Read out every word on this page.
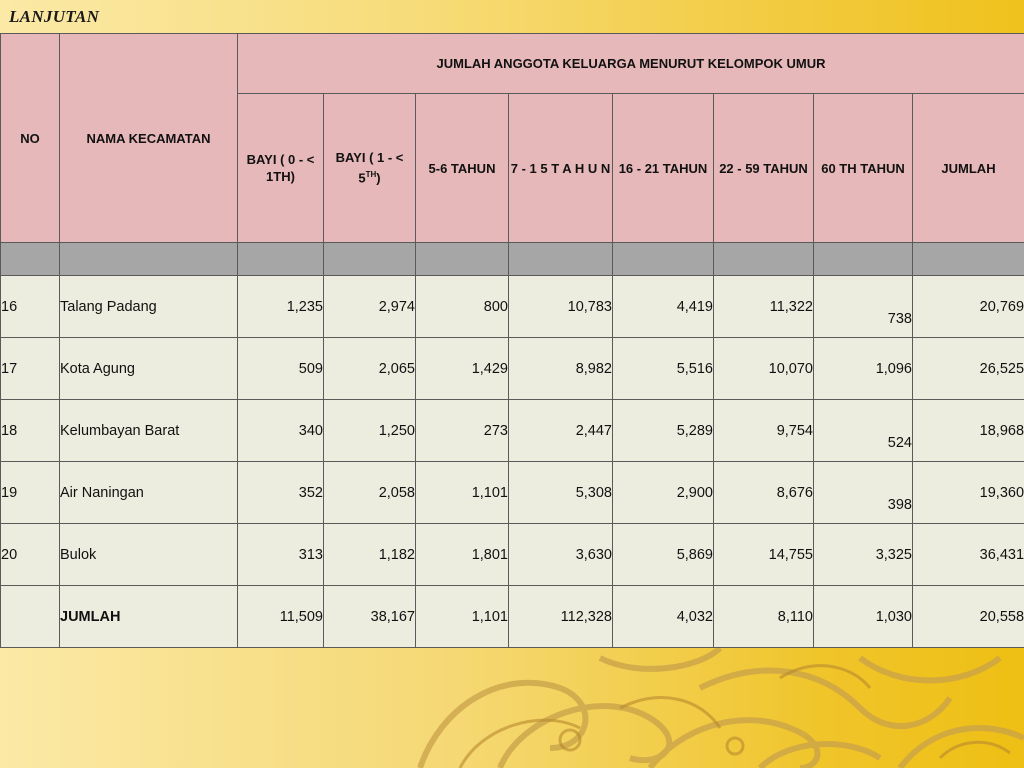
LANJUTAN
NO	NAMA KECAMATAN	JUMLAH ANGGOTA KELUARGA MENURUT KELOMPOK UMUR							
		BAYI ( 0 - < 1TH)	BAYI ( 1 - < 5TH)	5-6 TAHUN	7 - 1 5 T A H U N	16 - 21 TAHUN	22 - 59 TAHUN	60 TH TAHUN	JUMLAH

16	Talang Padang	1,235	2,974	800	10,783	4,419	11,322	738	20,769
17	Kota Agung	509	2,065	1,429	8,982	5,516	10,070	1,096	26,525
18	Kelumbayan Barat	340	1,250	273	2,447	5,289	9,754	524	18,968
19	Air Naningan	352	2,058	1,101	5,308	2,900	8,676	398	19,360
20	Bulok	313	1,182	1,801	3,630	5,869	14,755	3,325	36,431
	JUMLAH	11,509	38,167	1,101	112,328	4,032	8,110	1,030	20,558
